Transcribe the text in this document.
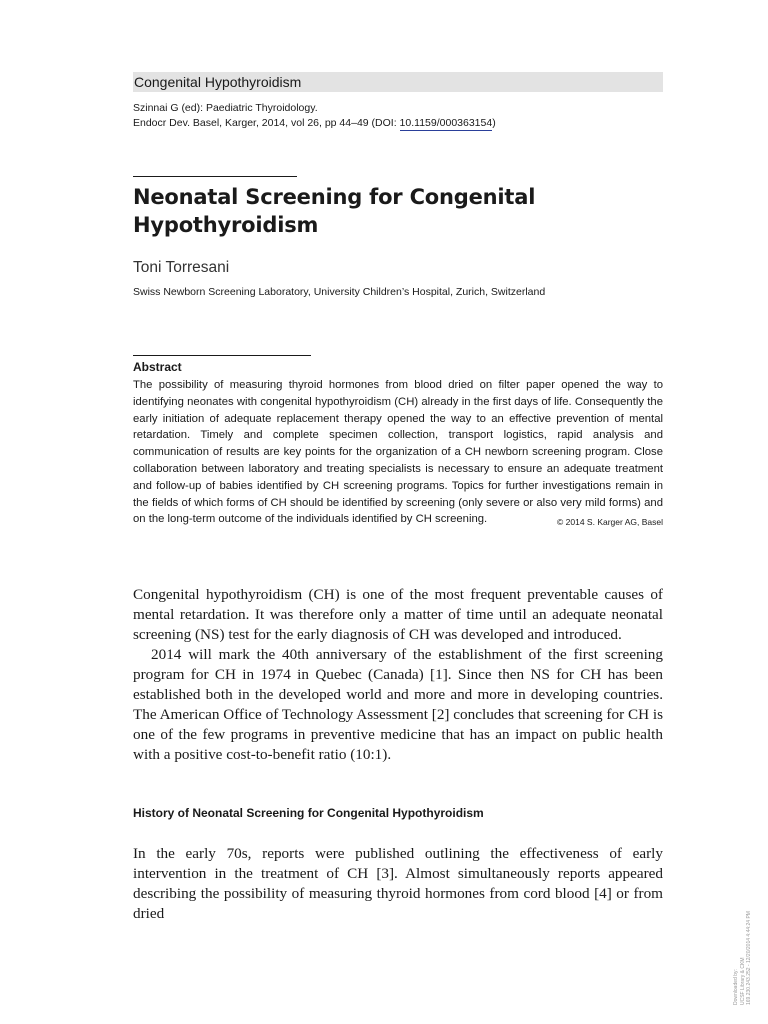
Congenital Hypothyroidism
Szinnai G (ed): Paediatric Thyroidology.
Endocr Dev. Basel, Karger, 2014, vol 26, pp 44–49 (DOI: 10.1159/000363154)
Neonatal Screening for Congenital Hypothyroidism
Toni Torresani
Swiss Newborn Screening Laboratory, University Children’s Hospital, Zurich, Switzerland
Abstract
The possibility of measuring thyroid hormones from blood dried on filter paper opened the way to identifying neonates with congenital hypothyroidism (CH) already in the first days of life. Consequently the early initiation of adequate replacement therapy opened the way to an effective prevention of mental retardation. Timely and complete specimen collection, transport logistics, rapid analysis and communication of results are key points for the organization of a CH newborn screening program. Close collaboration between laboratory and treating specialists is necessary to ensure an adequate treatment and follow-up of babies identified by CH screening programs. Topics for further investigations remain in the fields of which forms of CH should be identified by screening (only severe or also very mild forms) and on the long-term outcome of the individuals identified by CH screening.	© 2014 S. Karger AG, Basel

Congenital hypothyroidism (CH) is one of the most frequent preventable causes of mental retardation. It was therefore only a matter of time until an adequate neonatal screening (NS) test for the early diagnosis of CH was developed and introduced.

2014 will mark the 40th anniversary of the establishment of the first screening program for CH in 1974 in Quebec (Canada) [1]. Since then NS for CH has been established both in the developed world and more and more in developing countries. The American Office of Technology Assessment [2] concludes that screening for CH is one of the few programs in preventive medicine that has an impact on public health with a positive cost-to-benefit ratio (10:1).

History of Neonatal Screening for Congenital Hypothyroidism

In the early 70s, reports were published outlining the effectiveness of early intervention in the treatment of CH [3]. Almost simultaneously reports appeared describing the possibility of measuring thyroid hormones from cord blood [4] or from dried

Downloaded by: UCSF Library & CKM 169.230.243.252 - 12/20/2014 4:44:24 PM
